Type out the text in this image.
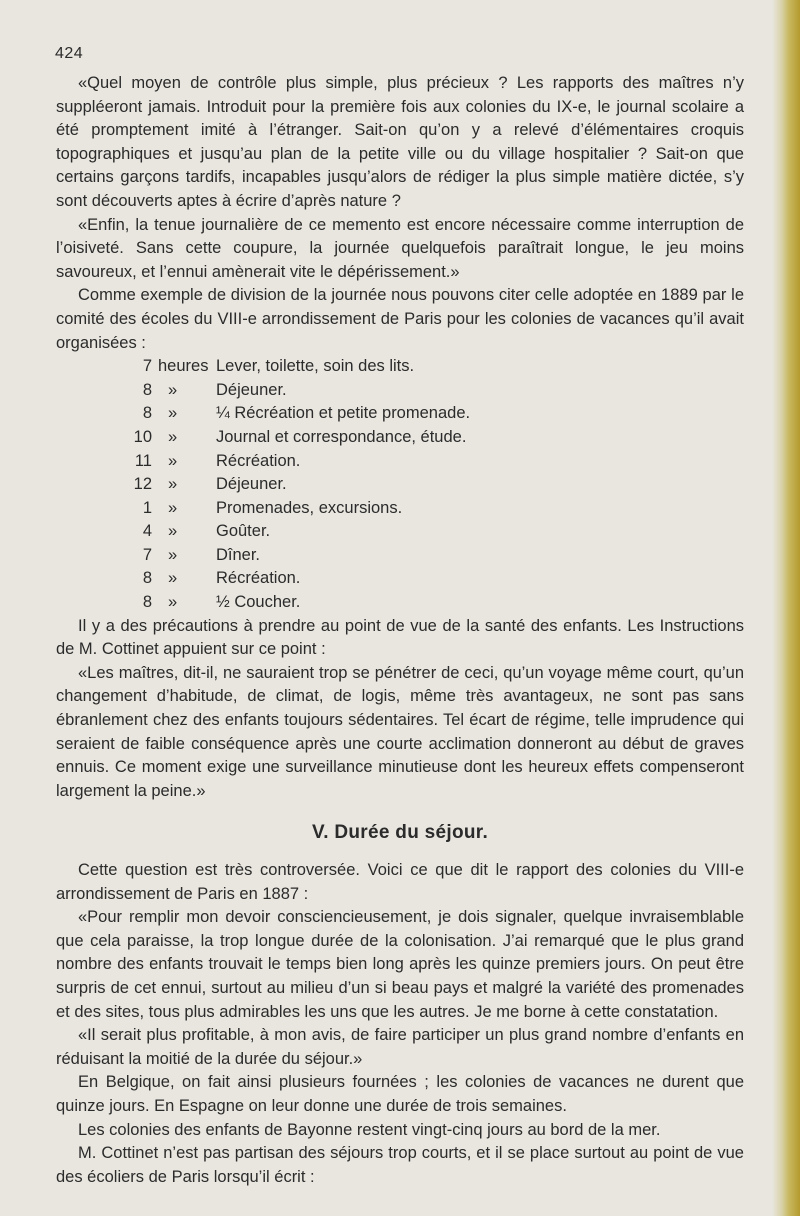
424

«Quel moyen de contrôle plus simple, plus précieux ? Les rapports des maîtres n’y suppléeront jamais. Introduit pour la première fois aux colonies du IX-e, le journal scolaire a été promptement imité à l’étranger. Sait-on qu’on y a relevé d’élémentaires croquis topographiques et jusqu’au plan de la petite ville ou du village hospitalier ? Sait-on que certains garçons tardifs, incapables jusqu’alors de rédiger la plus simple matière dictée, s’y sont découverts aptes à écrire d’après nature ?

«Enfin, la tenue journalière de ce memento est encore nécessaire comme interruption de l’oisiveté. Sans cette coupure, la journée quelquefois paraîtrait longue, le jeu moins savoureux, et l’ennui amènerait vite le dépérissement.»

Comme exemple de division de la journée nous pouvons citer celle adoptée en 1889 par le comité des écoles du VIII-e arrondissement de Paris pour les colonies de vacances qu’il avait organisées :

7 heures Lever, toilette, soin des lits.
8 »	Déjeuner.
8 »	¼ Récréation et petite promenade.
10 »	Journal et correspondance, étude.
11 »	Récréation.
12 »	Déjeuner.
1 »	Promenades, excursions.
4 »	Goûter.
7 »	Dîner.
8 »	Récréation.
8 »	½ Coucher.

Il y a des précautions à prendre au point de vue de la santé des enfants. Les Instructions de M. Cottinet appuient sur ce point :

«Les maîtres, dit-il, ne sauraient trop se pénétrer de ceci, qu’un voyage même court, qu’un changement d’habitude, de climat, de logis, même très avantageux, ne sont pas sans ébranlement chez des enfants toujours sédentaires. Tel écart de régime, telle imprudence qui seraient de faible conséquence après une courte acclimation donneront au début de graves ennuis. Ce moment exige une surveillance minutieuse dont les heureux effets compenseront largement la peine.»

V. Durée du séjour.

Cette question est très controversée. Voici ce que dit le rapport des colonies du VIII-e arrondissement de Paris en 1887 :

«Pour remplir mon devoir consciencieusement, je dois signaler, quelque invraisemblable que cela paraisse, la trop longue durée de la colonisation. J’ai remarqué que le plus grand nombre des enfants trouvait le temps bien long après les quinze premiers jours. On peut être surpris de cet ennui, surtout au milieu d’un si beau pays et malgré la variété des promenades et des sites, tous plus admirables les uns que les autres. Je me borne à cette constatation.

«Il serait plus profitable, à mon avis, de faire participer un plus grand nombre d’enfants en réduisant la moitié de la durée du séjour.»

En Belgique, on fait ainsi plusieurs fournées ; les colonies de vacances ne durent que quinze jours. En Espagne on leur donne une durée de trois semaines.

Les colonies des enfants de Bayonne restent vingt-cinq jours au bord de la mer.

M. Cottinet n’est pas partisan des séjours trop courts, et il se place surtout au point de vue des écoliers de Paris lorsqu’il écrit :
